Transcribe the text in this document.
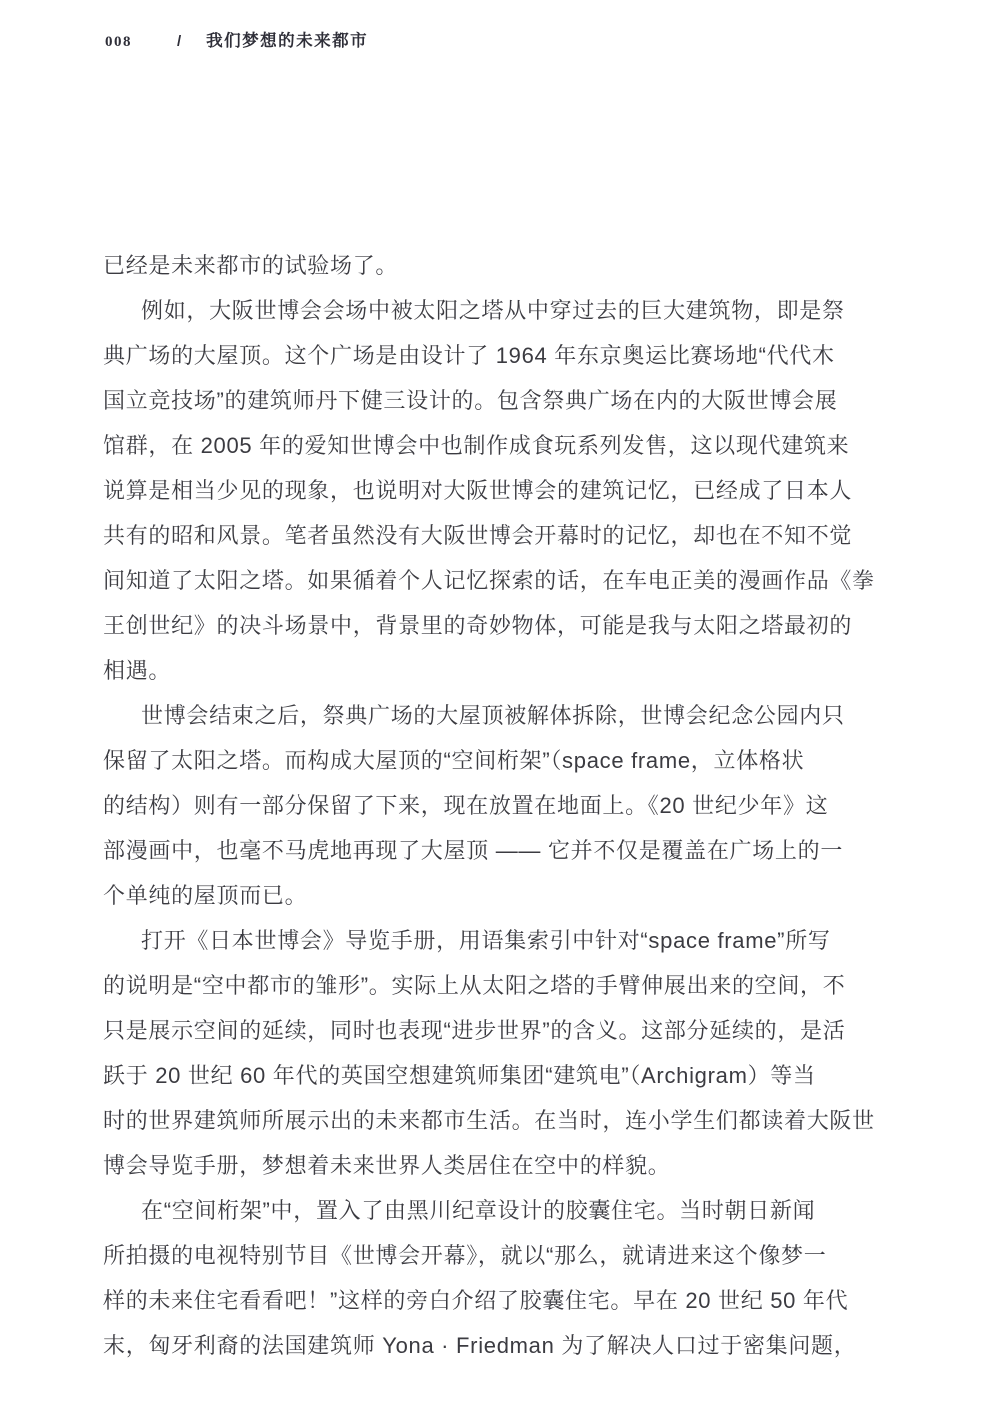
008	/ 我们梦想的未来都市
已经是未来都市的试验场了。
例如，大阪世博会会场中被太阳之塔从中穿过去的巨大建筑物，即是祭
典广场的大屋顶。这个广场是由设计了 1964 年东京奥运比赛场地“代代木
国立竞技场”的建筑师丹下健三设计的。包含祭典广场在内的大阪世博会展
馆群，在 2005 年的爱知世博会中也制作成食玩系列发售，这以现代建筑来
说算是相当少见的现象，也说明对大阪世博会的建筑记忆，已经成了日本人
共有的昭和风景。笔者虽然没有大阪世博会开幕时的记忆，却也在不知不觉
间知道了太阳之塔。如果循着个人记忆探索的话，在车电正美的漫画作品《拳
王创世纪》的决斗场景中，背景里的奇妙物体，可能是我与太阳之塔最初的
相遇。
世博会结束之后，祭典广场的大屋顶被解体拆除，世博会纪念公园内只
保留了太阳之塔。而构成大屋顶的“空间桁架”（space frame，立体格状
的结构）则有一部分保留了下来，现在放置在地面上。《20 世纪少年》这
部漫画中，也毫不马虎地再现了大屋顶 —— 它并不仅是覆盖在广场上的一
个单纯的屋顶而已。
打开《日本世博会》导览手册，用语集索引中针对“space frame”所写
的说明是“空中都市的雏形”。实际上从太阳之塔的手臂伸展出来的空间，不
只是展示空间的延续，同时也表现“进步世界”的含义。这部分延续的，是活
跃于 20 世纪 60 年代的英国空想建筑师集团“建筑电”（Archigram）等当
时的世界建筑师所展示出的未来都市生活。在当时，连小学生们都读着大阪世
博会导览手册，梦想着未来世界人类居住在空中的样貌。
在“空间桁架”中，置入了由黑川纪章设计的胶囊住宅。当时朝日新闻
所拍摄的电视特别节目《世博会开幕》，就以“那么，就请进来这个像梦一
样的未来住宅看看吧！”这样的旁白介绍了胶囊住宅。早在 20 世纪 50 年代
末，匈牙利裔的法国建筑师 Yona · Friedman 为了解决人口过于密集问题，
